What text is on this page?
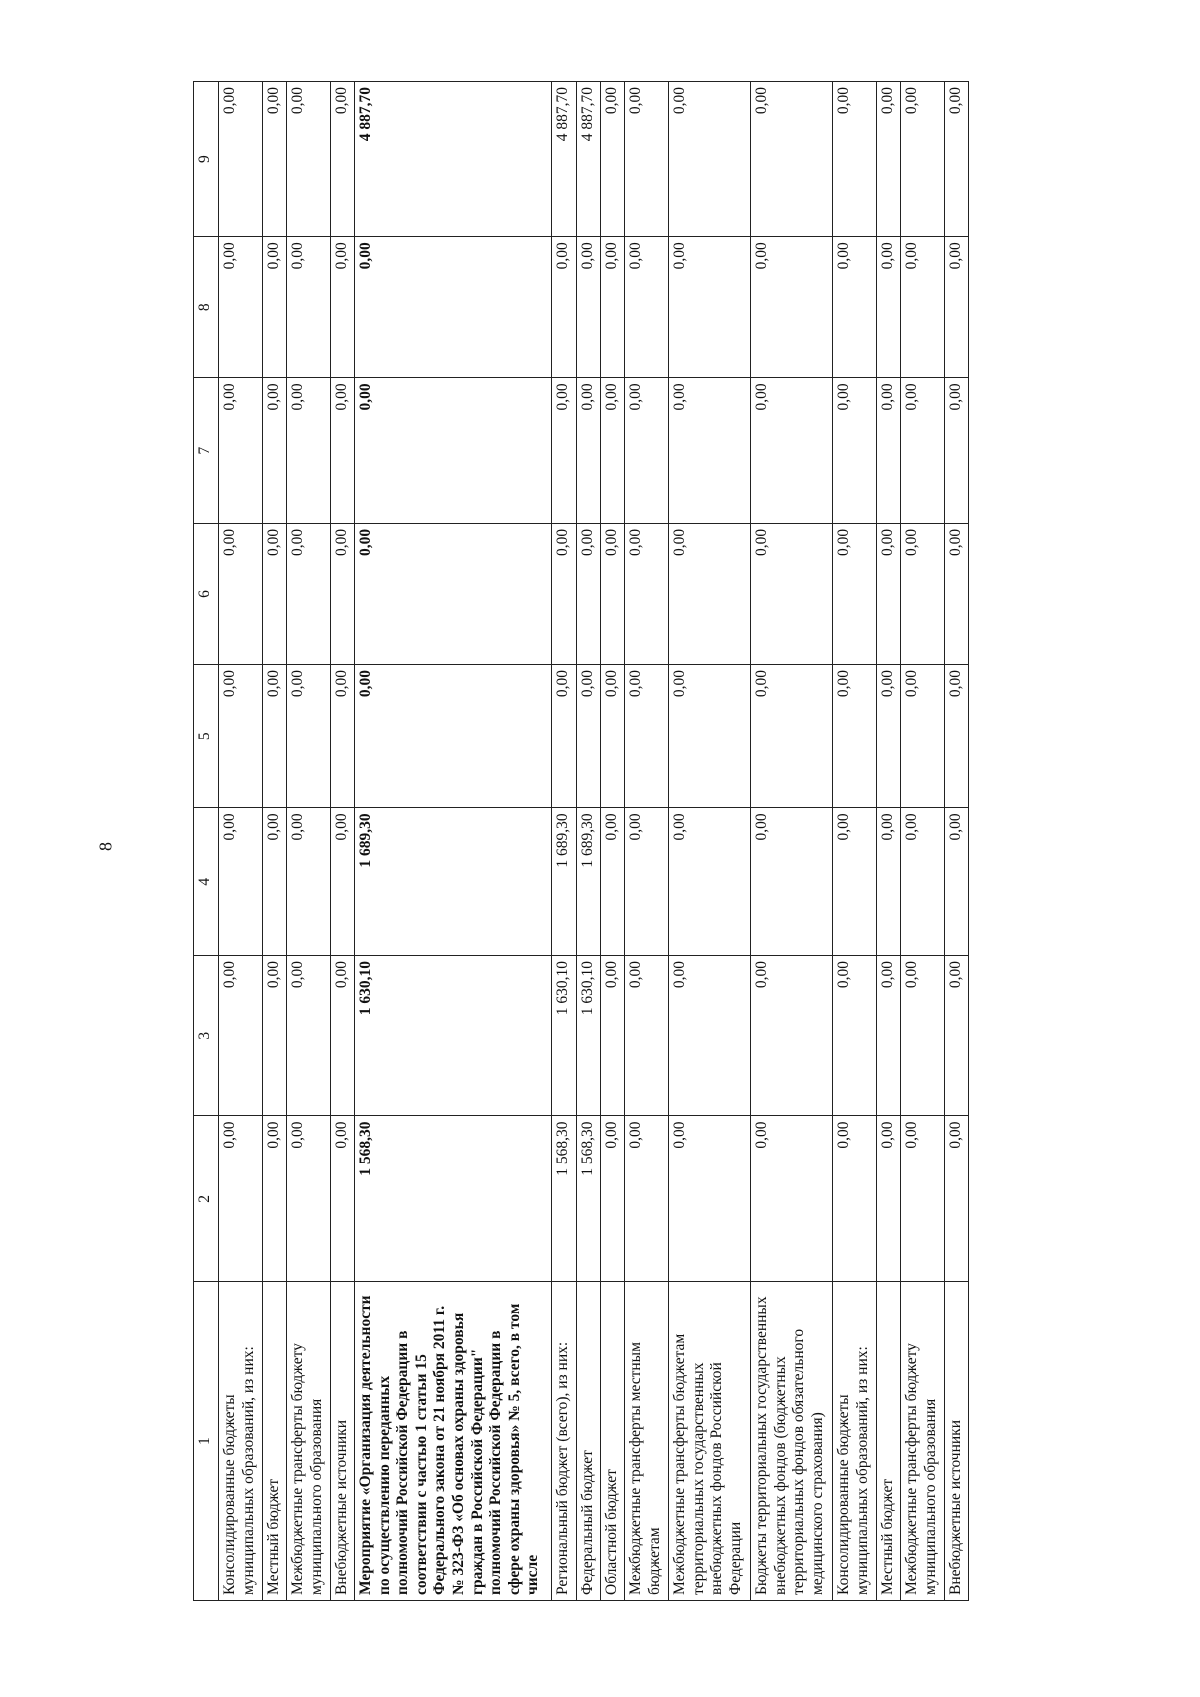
8
1	2	3	4	5	6	7	8	9
Консолидированные бюджеты муниципальных образований, из них:	0,00	0,00	0,00	0,00	0,00	0,00	0,00	0,00
Местный бюджет	0,00	0,00	0,00	0,00	0,00	0,00	0,00	0,00
Межбюджетные трансферты бюджету муниципального образования	0,00	0,00	0,00	0,00	0,00	0,00	0,00	0,00
Внебюджетные источники	0,00	0,00	0,00	0,00	0,00	0,00	0,00	0,00
Мероприятие «Организация деятельности по осуществлению переданных полномочий Российской Федерации в соответствии с частью 1 статьи 15 Федерального закона от 21 ноября 2011 г. № 323-ФЗ «Об основах охраны здоровья граждан в Российской Федерации" полномочий Российской Федерации в сфере охраны здоровья» № 5, всего, в том числе	1 568,30	1 630,10	1 689,30	0,00	0,00	0,00	0,00	4 887,70
Региональный бюджет (всего), из них:	1 568,30	1 630,10	1 689,30	0,00	0,00	0,00	0,00	4 887,70
Федеральный бюджет	1 568,30	1 630,10	1 689,30	0,00	0,00	0,00	0,00	4 887,70
Областной бюджет	0,00	0,00	0,00	0,00	0,00	0,00	0,00	0,00
Межбюджетные трансферты местным бюджетам	0,00	0,00	0,00	0,00	0,00	0,00	0,00	0,00
Межбюджетные трансферты бюджетам территориальных государственных внебюджетных фондов Российской Федерации	0,00	0,00	0,00	0,00	0,00	0,00	0,00	0,00
Бюджеты территориальных государственных внебюджетных фондов (бюджетных территориальных фондов обязательного медицинского страхования)	0,00	0,00	0,00	0,00	0,00	0,00	0,00	0,00
Консолидированные бюджеты муниципальных образований, из них:	0,00	0,00	0,00	0,00	0,00	0,00	0,00	0,00
Местный бюджет	0,00	0,00	0,00	0,00	0,00	0,00	0,00	0,00
Межбюджетные трансферты бюджету муниципального образования	0,00	0,00	0,00	0,00	0,00	0,00	0,00	0,00
Внебюджетные источники	0,00	0,00	0,00	0,00	0,00	0,00	0,00	0,00
